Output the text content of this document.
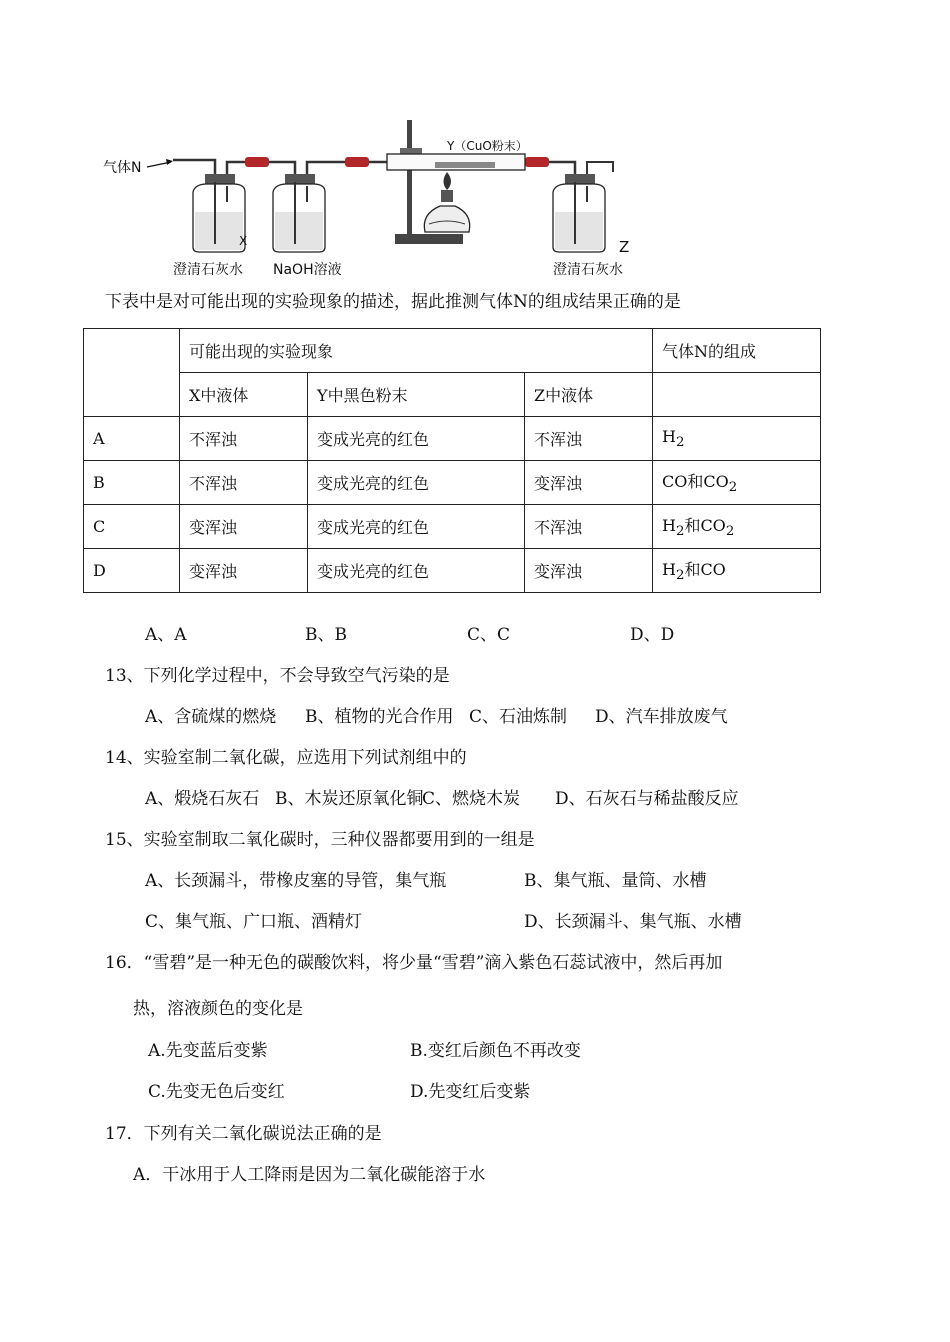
气体N
Y（CuO粉末）
X	Z
澄清石灰水 NaOH溶液	澄清石灰水
下表中是对可能出现的实验现象的描述，据此推测气体N的组成结果正确的是
	可能出现的实验现象			气体N的组成
	X中液体	Y中黑色粉末	Z中液体	
A	不浑浊	变成光亮的红色	不浑浊	$H_2$
B	不浑浊	变成光亮的红色	变浑浊	CO和$CO_2$
C	变浑浊	变成光亮的红色	不浑浊	$H_2$和$CO_2$
D	变浑浊	变成光亮的红色	变浑浊	$H_2$和CO
A、A	B、B	C、C	D、D
13、下列化学过程中，不会导致空气污染的是
A、含硫煤的燃烧 B、植物的光合作用 C、石油炼制 D、汽车排放废气
14、实验室制二氧化碳，应选用下列试剂组中的
A、煅烧石灰石 B、木炭还原氧化铜
C、燃烧木炭 D、石灰石与稀盐酸反应
15、实验室制取二氧化碳时，三种仪器都要用到的一组是
A、长颈漏斗，带橡皮塞的导管，集气瓶	B、集气瓶、量筒、水槽
C、集气瓶、广口瓶、酒精灯	D、长颈漏斗、集气瓶、水槽
16．“雪碧”是一种无色的碳酸饮料，将少量“雪碧”滴入紫色石蕊试液中，然后再加
热，溶液颜色的变化是
A.先变蓝后变紫	B.变红后颜色不再改变
C.先变无色后变红	D.先变红后变紫
17．下列有关二氧化碳说法正确的是
A．干冰用于人工降雨是因为二氧化碳能溶于水
